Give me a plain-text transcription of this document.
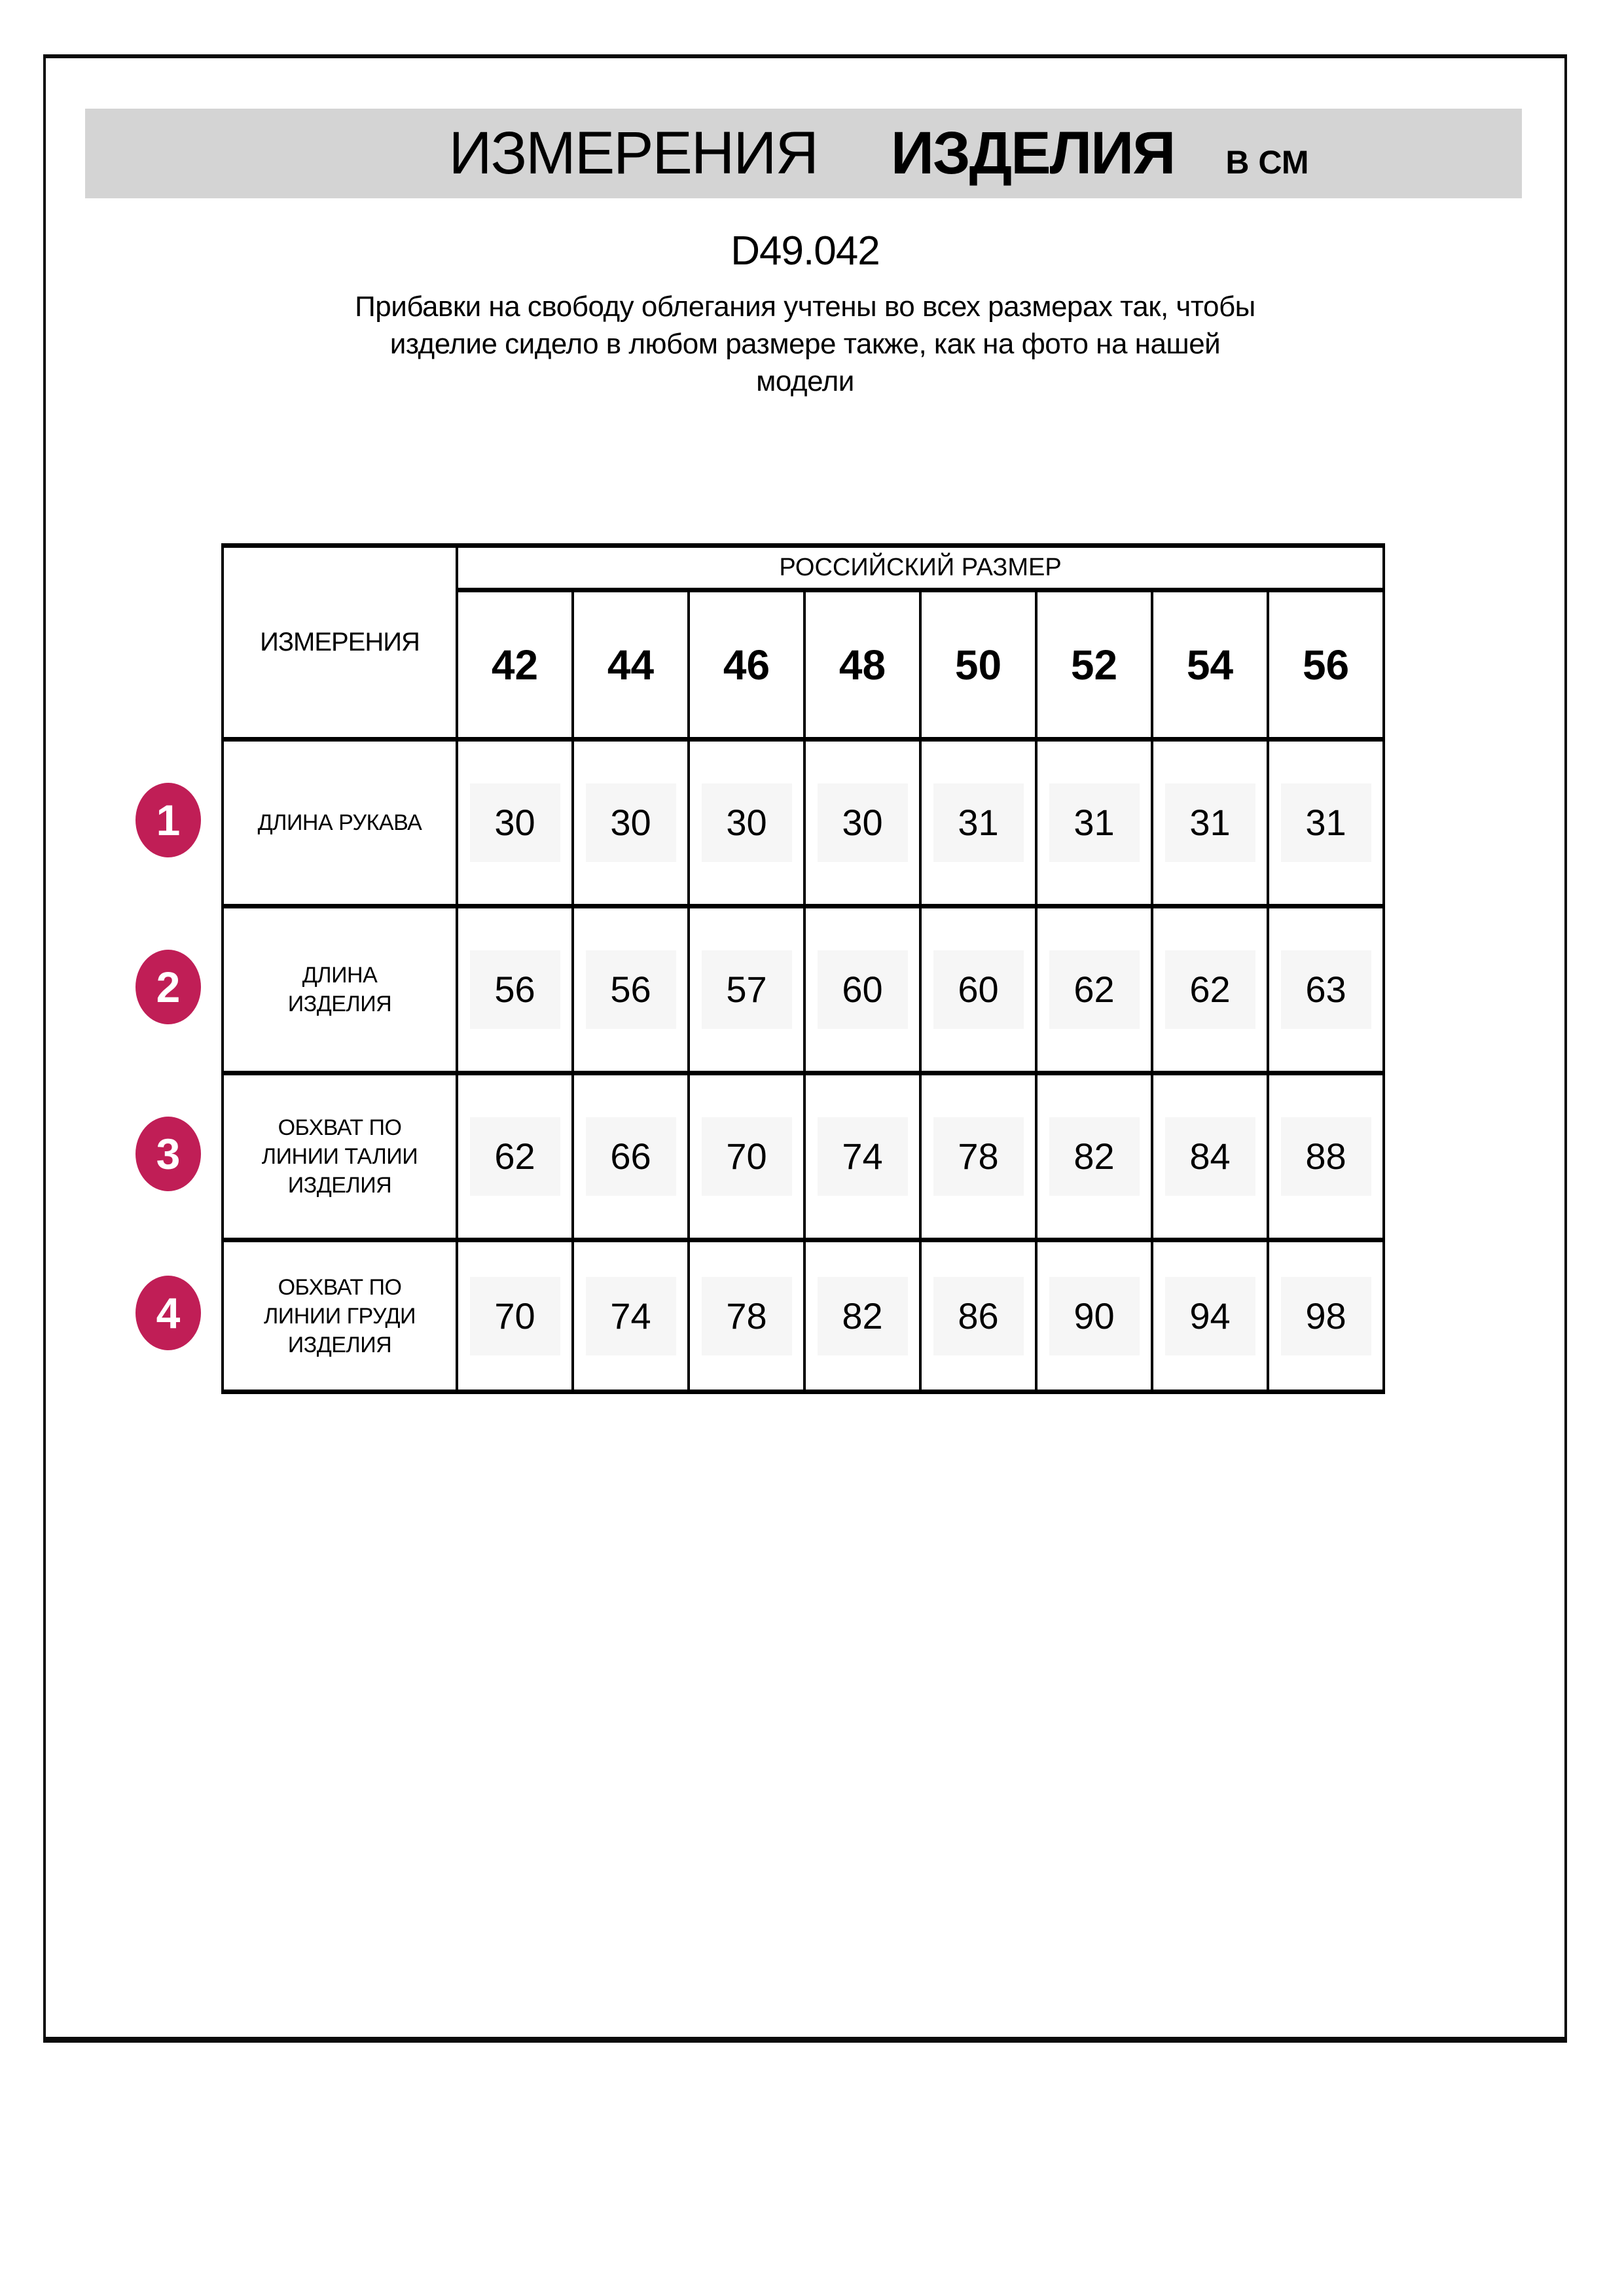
ИЗМЕРЕНИЯ ИЗДЕЛИЯ В СМ
D49.042
Прибавки на свободу облегания учтены во всех размерах так, чтобы
изделие сидело в любом размере также, как на фото на нашей
модели
ИЗМЕРЕНИЯ	РОССИЙСКИЙ РАЗМЕР							
	42	44	46	48	50	52	54	56

ДЛИНА РУКАВА	30	30	30	30	31	31	31	31

ДЛИНА
ИЗДЕЛИЯ	56	56	57	60	60	62	62	63

ОБХВАТ ПО
ЛИНИИ ТАЛИИ
ИЗДЕЛИЯ	62	66	70	74	78	82	84	88

ОБХВАТ ПО
ЛИНИИ ГРУДИ
ИЗДЕЛИЯ	70	74	78	82	86	90	94	98
1
2
3
4
